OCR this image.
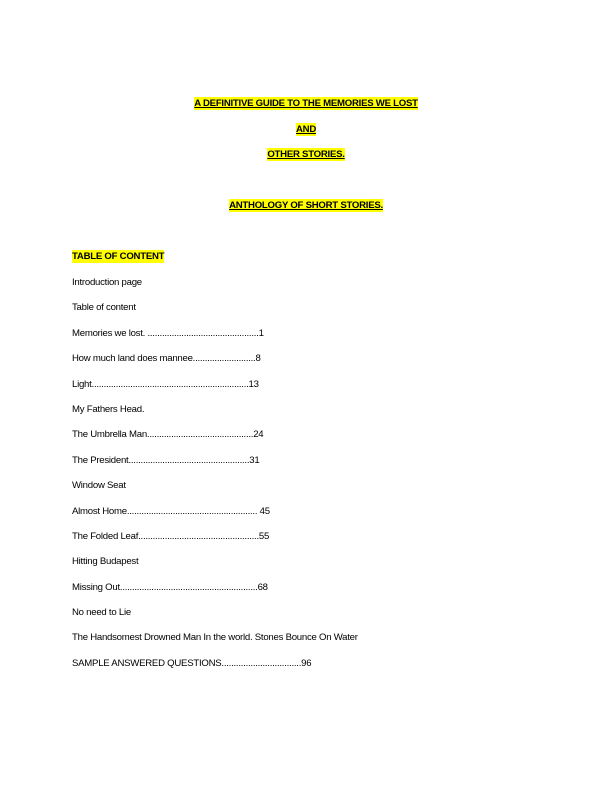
A DEFINITIVE GUIDE TO THE MEMORIES WE LOST
AND
OTHER STORIES.
ANTHOLOGY OF SHORT STORIES.
TABLE OF CONTENT
Introduction page
Table of content
Memories we lost. ..............................................1
How much land does mannee..........................8
Light.................................................................13
My Fathers Head.
The Umbrella Man............................................24
The President..................................................31
Window Seat
Almost Home...................................................... 45
The Folded Leaf..................................................55
Hitting Budapest
Missing Out.........................................................68
No need to Lie
The Handsomest Drowned Man In the world. Stones Bounce On Water
SAMPLE ANSWERED QUESTIONS.................................96
